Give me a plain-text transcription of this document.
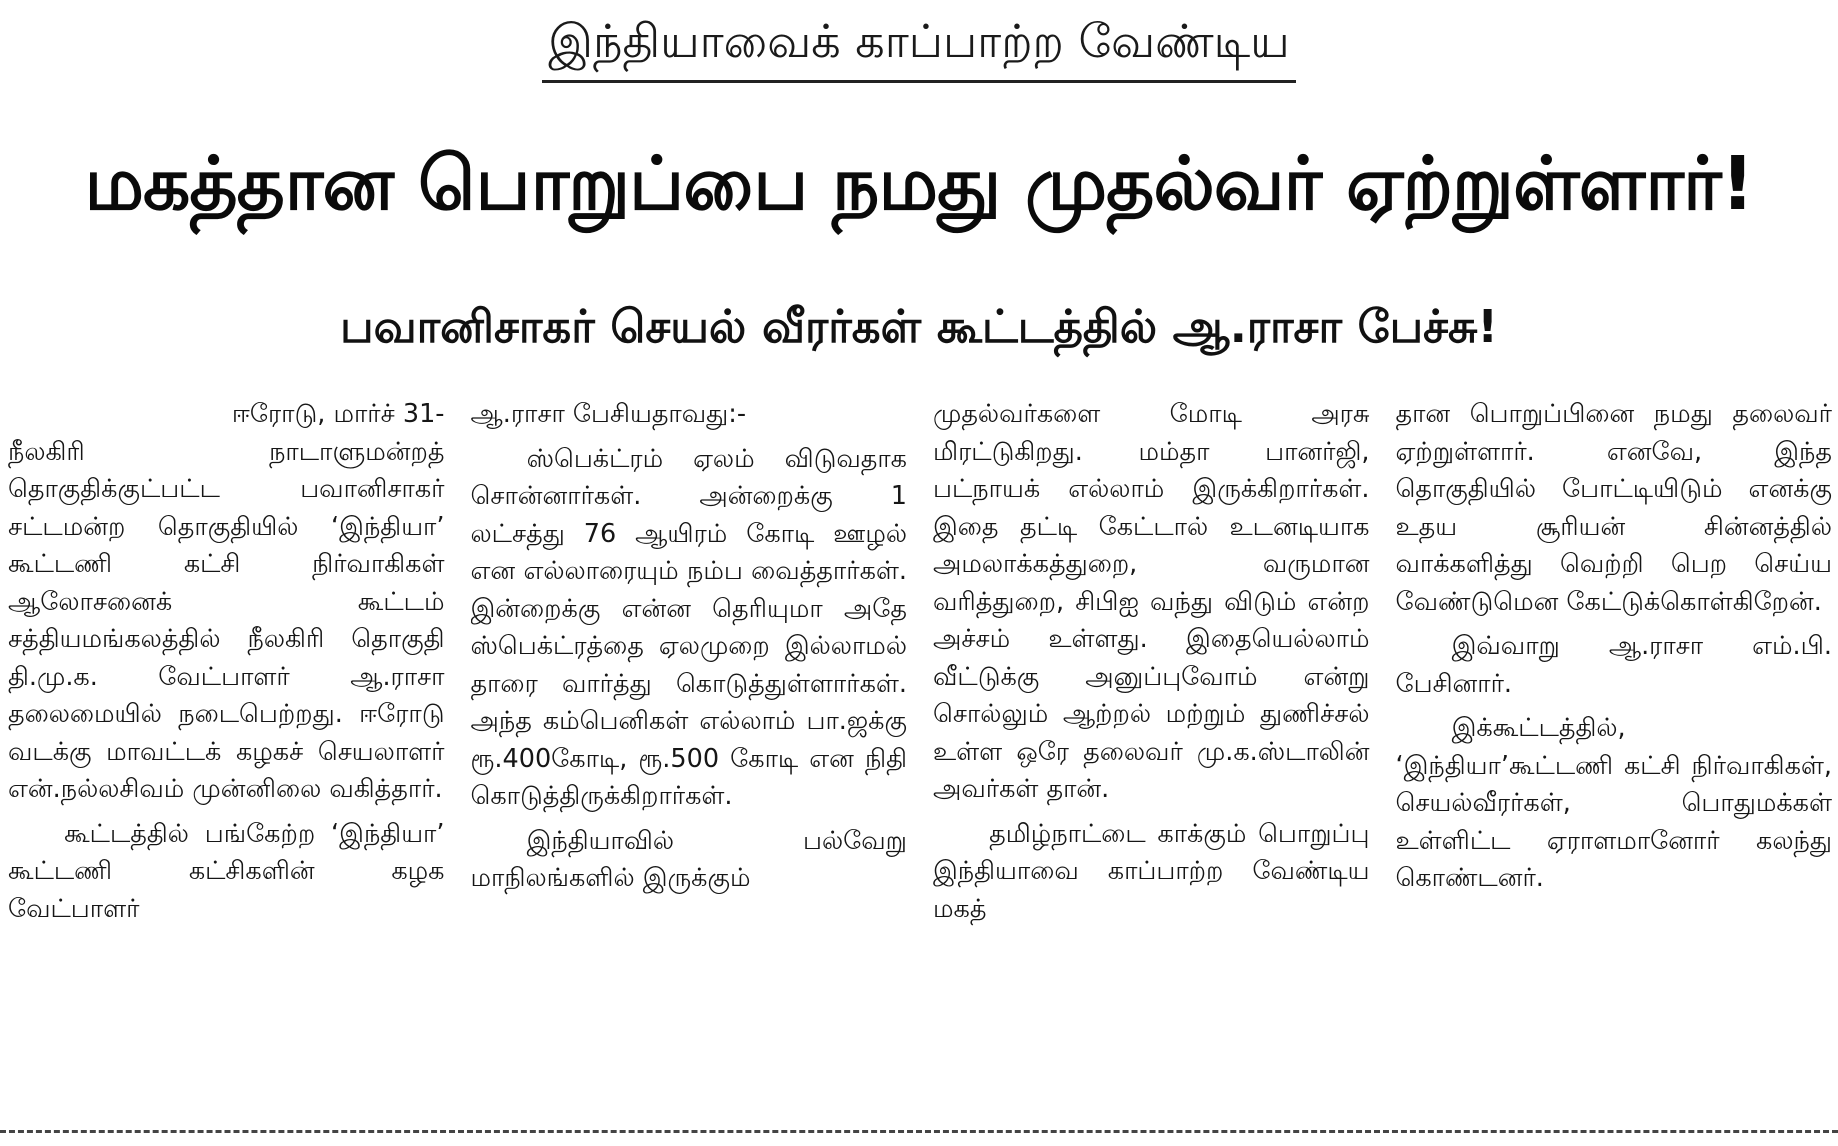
இந்தியாவைக் காப்பாற்ற வேண்டிய
மகத்தான பொறுப்பை நமது முதல்வர் ஏற்றுள்ளார்!
பவானிசாகர் செயல் வீரர்கள் கூட்டத்தில் ஆ.ராசா பேச்சு!

ஈரோடு, மார்ச் 31-

நீலகிரி நாடாளுமன்றத் தொகுதிக்குட்பட்ட பவானிசாகர் சட்டமன்ற தொகுதியில் ‘இந்தியா’ கூட்டணி கட்சி நிர்வாகிகள் ஆலோசனைக் கூட்டம் சத்தியமங்கலத்தில் நீலகிரி தொகுதி தி.மு.க. வேட்பாளர் ஆ.ராசா தலைமையில் நடைபெற்றது. ஈரோடு வடக்கு மாவட்டக் கழகச் செயலாளர் என்.நல்லசிவம் முன்னிலை வகித்தார்.

கூட்டத்தில் பங்கேற்ற ‘இந்தியா’ கூட்டணி கட்சிகளின் கழக வேட்பாளர்

ஆ.ராசா பேசியதாவது:-

ஸ்பெக்ட்ரம் ஏலம் விடுவதாக சொன்னார்கள். அன்றைக்கு 1 லட்சத்து 76 ஆயிரம் கோடி ஊழல் என எல்லாரையும் நம்ப வைத்தார்கள். இன்றைக்கு என்ன தெரியுமா அதே ஸ்பெக்ட்ரத்தை ஏலமுறை இல்லாமல் தாரை வார்த்து கொடுத்துள்ளார்கள். அந்த கம்பெனிகள் எல்லாம் பா.ஜக்கு ரூ.400கோடி, ரூ.500 கோடி என நிதி கொடுத்திருக்கிறார்கள்.

இந்தியாவில் பல்வேறு மாநிலங்களில் இருக்கும்

முதல்வர்களை மோடி அரசு மிரட்டுகிறது. மம்தா பானர்ஜி, பட்நாயக் எல்லாம் இருக்கிறார்கள். இதை தட்டி கேட்டால் உடனடியாக அமலாக்கத்துறை, வருமான வரித்துறை, சிபிஐ வந்து விடும் என்ற அச்சம் உள்ளது. இதையெல்லாம் வீட்டுக்கு அனுப்புவோம் என்று சொல்லும் ஆற்றல் மற்றும் துணிச்சல் உள்ள ஒரே தலைவர் மு.க.ஸ்டாலின் அவர்கள் தான்.

தமிழ்நாட்டை காக்கும் பொறுப்பு இந்தியாவை காப்பாற்ற வேண்டிய மகத்

தான பொறுப்பினை நமது தலைவர் ஏற்றுள்ளார். எனவே, இந்த தொகுதியில் போட்டியிடும் எனக்கு உதய சூரியன் சின்னத்தில் வாக்களித்து வெற்றி பெற செய்ய வேண்டுமென கேட்டுக்கொள்கிறேன்.

இவ்வாறு ஆ.ராசா எம்.பி. பேசினார்.

இக்கூட்டத்தில், ‘இந்தியா’கூட்டணி கட்சி நிர்வாகிகள், செயல்வீரர்கள், பொதுமக்கள் உள்ளிட்ட ஏராளமானோர் கலந்து கொண்டனர்.
